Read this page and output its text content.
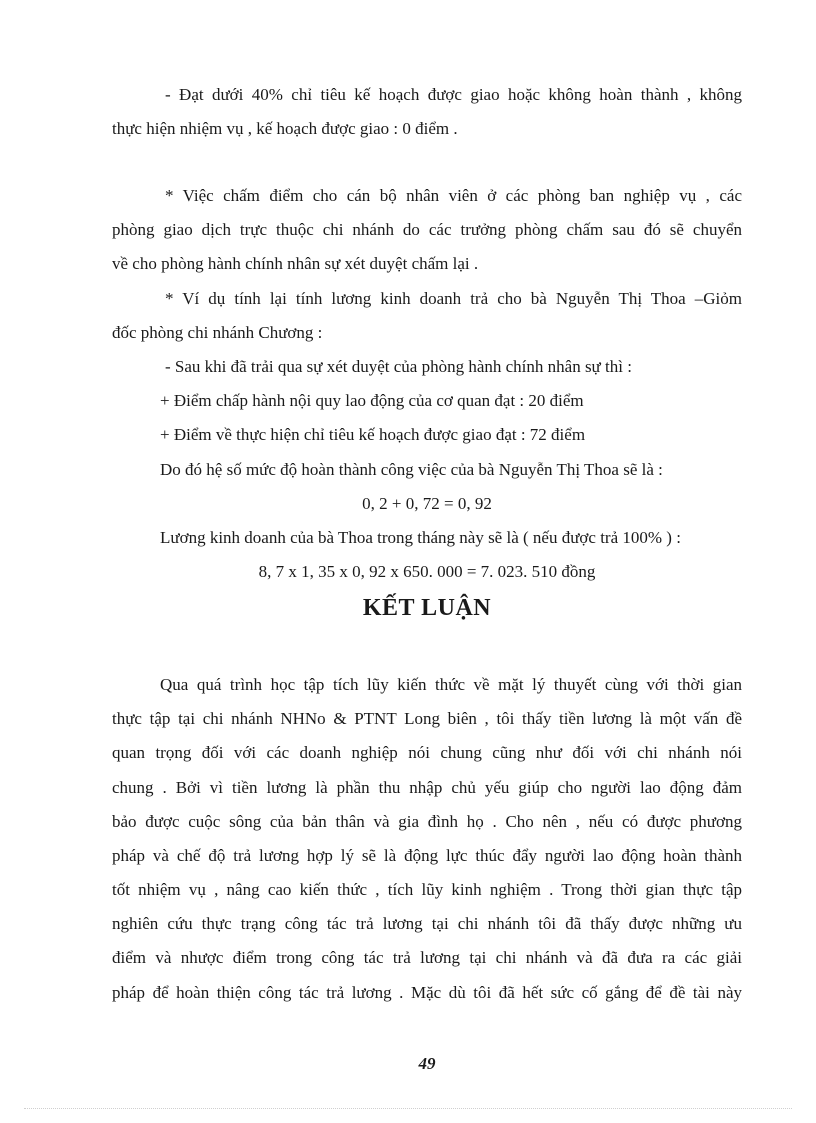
- Đạt dưới 40% chỉ tiêu kế hoạch được giao hoặc không hoàn thành , không
thực hiện nhiệm vụ , kế hoạch được giao : 0 điểm .
* Việc chấm điểm cho cán bộ nhân viên ở các phòng ban nghiệp vụ , các
phòng giao dịch trực thuộc chi nhánh do các trưởng phòng chấm sau đó sẽ chuyển
về cho phòng hành chính nhân sự xét duyệt chấm lại .
* Ví dụ tính lại tính lương kinh doanh trả cho bà Nguyễn Thị Thoa –Giỏm
đốc phòng chi nhánh Chương :
- Sau khi đã trải qua sự xét duyệt của phòng hành chính nhân sự thì :
+ Điểm chấp hành nội quy lao động của cơ quan đạt : 20 điểm
+ Điểm về thực hiện chỉ tiêu kế hoạch được giao đạt : 72 điểm
Do đó hệ số mức độ hoàn thành công việc của bà Nguyễn Thị Thoa sẽ là :
0, 2 + 0, 72 = 0, 92
Lương kinh doanh của bà Thoa trong tháng này sẽ là ( nếu được trả 100% ) :
8, 7 x 1, 35 x 0, 92 x 650. 000 = 7. 023. 510 đồng
KẾT LUẬN
Qua quá trình học tập tích lũy kiến thức về mặt lý thuyết cùng với thời gian
thực tập tại chi nhánh NHNo & PTNT Long biên , tôi thấy tiền lương là một vấn đề
quan trọng đối với các doanh nghiệp nói chung cũng như đối với chi nhánh nói
chung . Bởi vì tiền lương là phần thu nhập chủ yếu giúp cho người lao động đảm
bảo được cuộc sông của bản thân và gia đình họ . Cho nên , nếu có được phương
pháp và chế độ trả lương hợp lý sẽ là động lực thúc đẩy người lao động hoàn thành
tốt nhiệm vụ , nâng cao kiến thức , tích lũy kinh nghiệm . Trong thời gian thực tập
nghiên cứu thực trạng công tác trả lương tại chi nhánh tôi đã thấy được những ưu
điểm và nhược điểm trong công tác trả lương tại chi nhánh và đã đưa ra các giải
pháp để hoàn thiện công tác trả lương . Mặc dù tôi đã hết sức cố gắng để đề tài này
49
